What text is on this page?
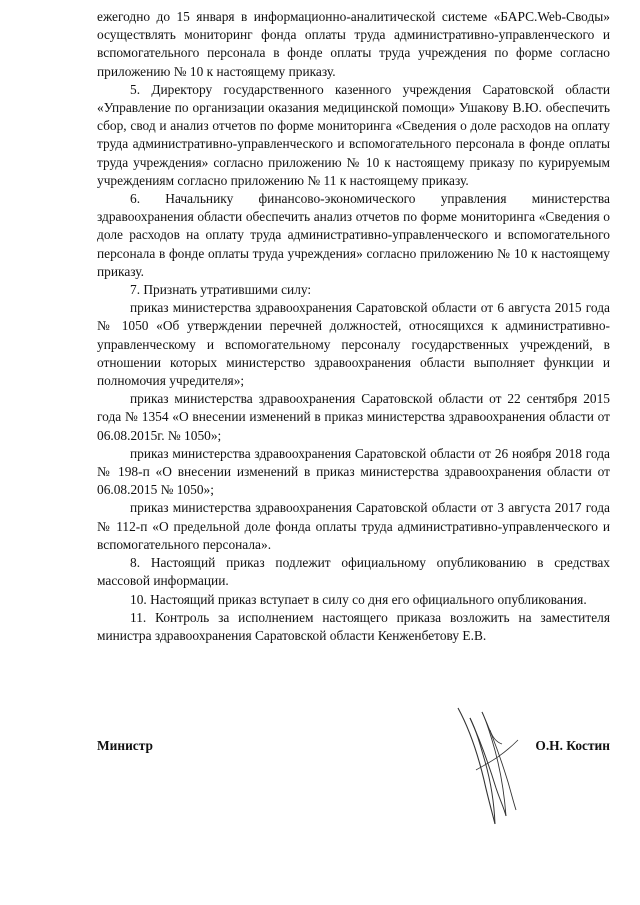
ежегодно до 15 января в информационно-аналитической системе «БАРС.Web-Своды» осуществлять мониторинг фонда оплаты труда административно-управленческого и вспомогательного персонала в фонде оплаты труда учреждения по форме согласно приложению № 10 к настоящему приказу.

5. Директору государственного казенного учреждения Саратовской области «Управление по организации оказания медицинской помощи» Ушакову В.Ю. обеспечить сбор, свод и анализ отчетов по форме мониторинга «Сведения о доле расходов на оплату труда административно-управленческого и вспомогательного персонала в фонде оплаты труда учреждения» согласно приложению № 10 к настоящему приказу по курируемым учреждениям согласно приложению № 11 к настоящему приказу.

6. Начальнику финансово-экономического управления министерства здравоохранения области обеспечить анализ отчетов по форме мониторинга «Сведения о доле расходов на оплату труда административно-управленческого и вспомогательного персонала в фонде оплаты труда учреждения» согласно приложению № 10 к настоящему приказу.

7. Признать утратившими силу:

приказ министерства здравоохранения Саратовской области от 6 августа 2015 года № 1050 «Об утверждении перечней должностей, относящихся к административно-управленческому и вспомогательному персоналу государственных учреждений, в отношении которых министерство здравоохранения области выполняет функции и полномочия учредителя»;

приказ министерства здравоохранения Саратовской области от 22 сентября 2015 года № 1354 «О внесении изменений в приказ министерства здравоохранения области от 06.08.2015г. № 1050»;

приказ министерства здравоохранения Саратовской области от 26 ноября 2018 года № 198-п «О внесении изменений в приказ министерства здравоохранения области от 06.08.2015 № 1050»;

приказ министерства здравоохранения Саратовской области от 3 августа 2017 года № 112-п «О предельной доле фонда оплаты труда административно-управленческого и вспомогательного персонала».

8. Настоящий приказ подлежит официальному опубликованию в средствах массовой информации.

10. Настоящий приказ вступает в силу со дня его официального опубликования.

11. Контроль за исполнением настоящего приказа возложить на заместителя министра здравоохранения Саратовской области Кенженбетову Е.В.

Министр	О.Н. Костин
